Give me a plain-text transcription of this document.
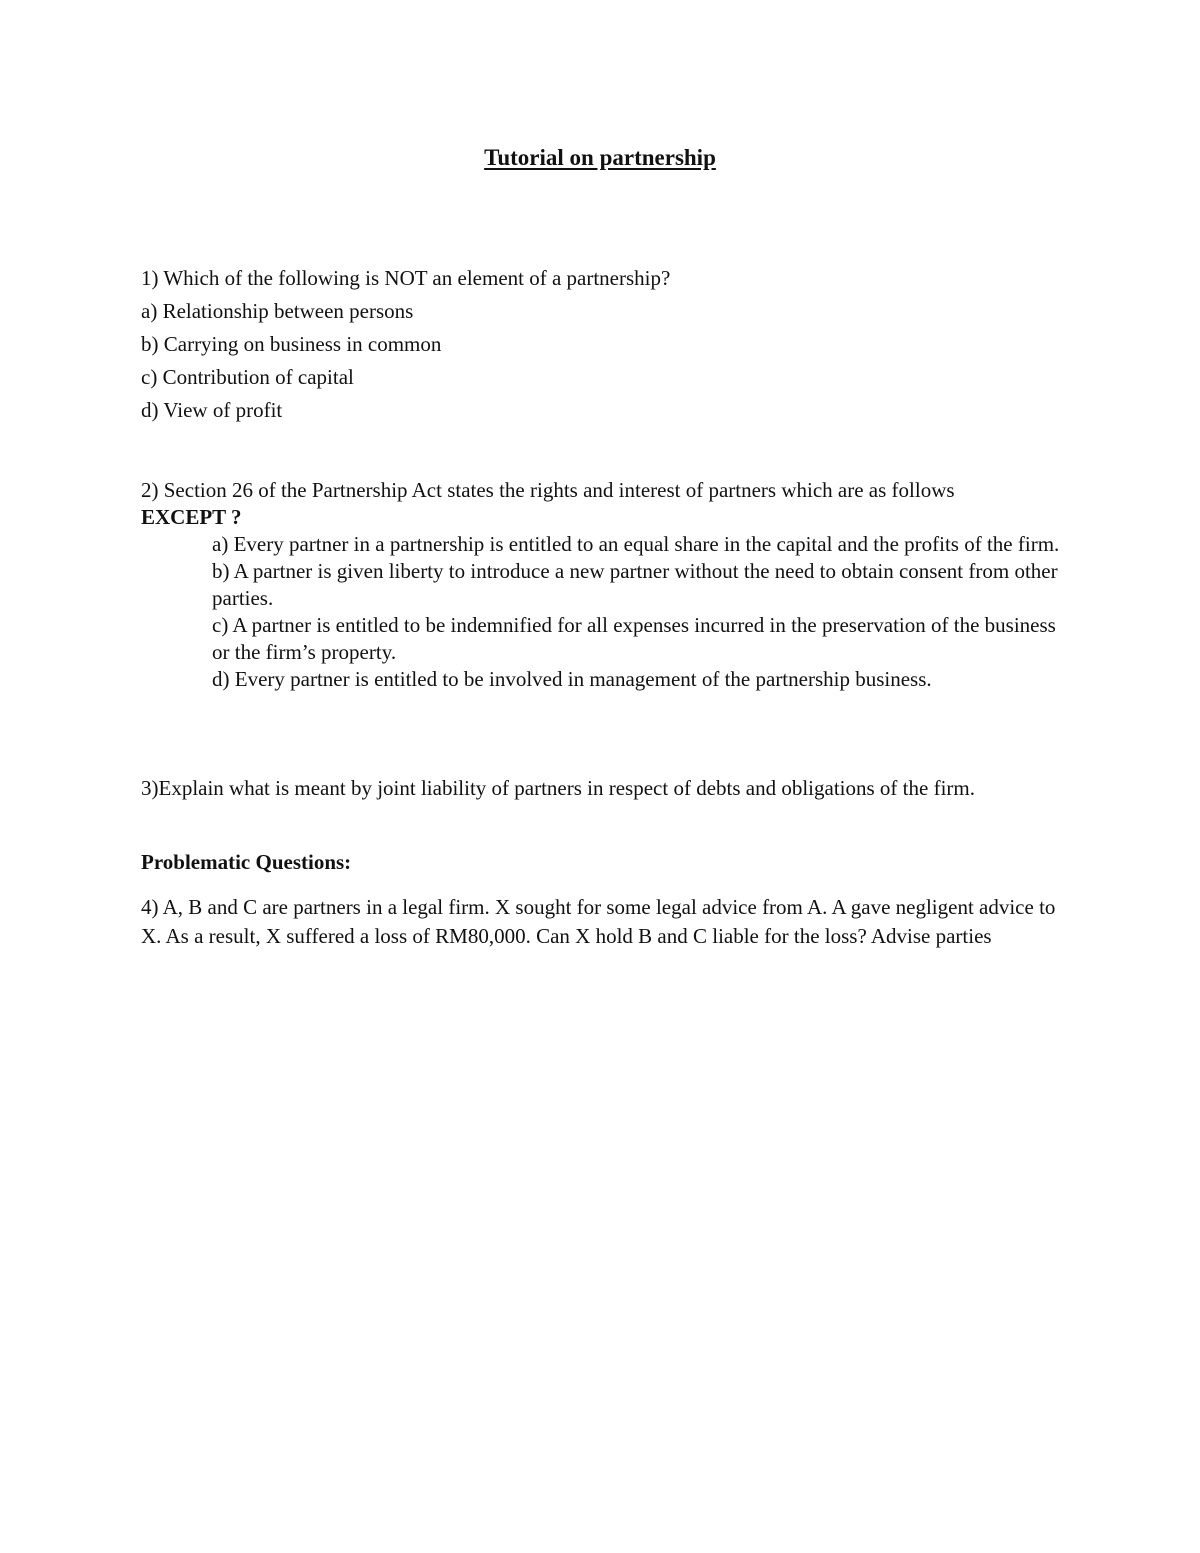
Tutorial on partnership
1) Which of the following is NOT an element of a partnership?
a) Relationship between persons
b) Carrying on business in common
c) Contribution of capital
d) View of profit
2) Section 26 of the Partnership Act states the rights and interest of partners which are as follows
EXCEPT ?
a) Every partner in a partnership is entitled to an equal share in the capital and the profits of the firm.
b) A partner is given liberty to introduce a new partner without the need to obtain consent from other parties.
c) A partner is entitled to be indemnified for all expenses incurred in the preservation of the business or the firm’s property.
d) Every partner is entitled to be involved in management of the partnership business.
3)Explain what is meant by joint liability of partners in respect of debts and obligations of the firm.
Problematic Questions:
4) A, B and C are partners in a legal firm. X sought for some legal advice from A. A gave negligent advice to X. As a result, X suffered a loss of RM80,000. Can X hold B and C liable for the loss? Advise parties
